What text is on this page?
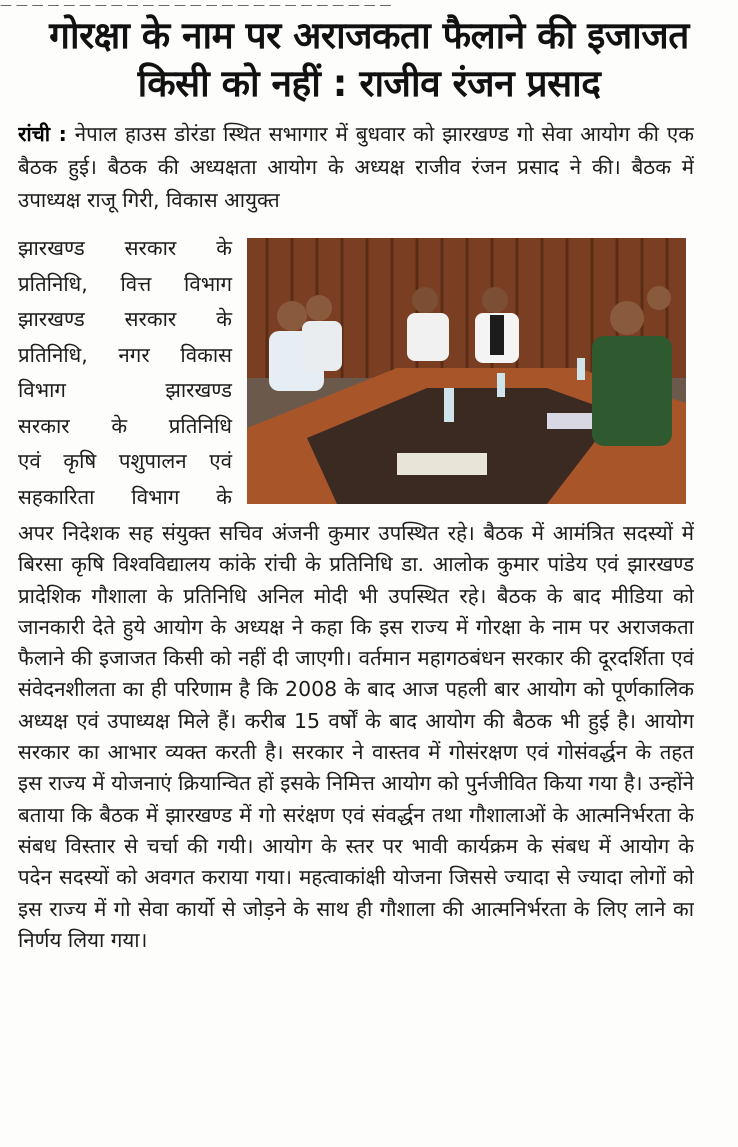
— — — — — — — — — — — — — — — — — — — — — — — — —
गोरक्षा के नाम पर अराजकता फैलाने की इजाजत किसी को नहीं : राजीव रंजन प्रसाद
रांची : नेपाल हाउस डोरंडा स्थित सभागार में बुधवार को झारखण्ड गो सेवा आयोग की एक बैठक हुई। बैठक की अध्यक्षता आयोग के अध्यक्ष राजीव रंजन प्रसाद ने की। बैठक में उपाध्यक्ष राजू गिरी, विकास आयुक्त
झारखण्ड सरकार के
प्रतिनिधि, वित्त विभाग
झारखण्ड सरकार के
प्रतिनिधि, नगर विकास
विभाग झारखण्ड
सरकार के प्रतिनिधि
एवं कृषि पशुपालन एवं
सहकारिता विभाग के
अपर निदेशक सह संयुक्त सचिव अंजनी कुमार उपस्थित रहे। बैठक में आमंत्रित सदस्यों में बिरसा कृषि विश्वविद्यालय कांके रांची के प्रतिनिधि डा. आलोक कुमार पांडेय एवं झारखण्ड प्रादेशिक गौशाला के प्रतिनिधि अनिल मोदी भी उपस्थित रहे। बैठक के बाद मीडिया को जानकारी देते हुये आयोग के अध्यक्ष ने कहा कि इस राज्य में गोरक्षा के नाम पर अराजकता फैलाने की इजाजत किसी को नहीं दी जाएगी। वर्तमान महागठबंधन सरकार की दूरदर्शिता एवं संवेदनशीलता का ही परिणाम है कि 2008 के बाद आज पहली बार आयोग को पूर्णकालिक अध्यक्ष एवं उपाध्यक्ष मिले हैं। करीब 15 वर्षों के बाद आयोग की बैठक भी हुई है। आयोग सरकार का आभार व्यक्त करती है। सरकार ने वास्तव में गोसंरक्षण एवं गोसंवर्द्धन के तहत इस राज्य में योजनाएं क्रियान्वित हों इसके निमित्त आयोग को पुर्नजीवित किया गया है। उन्होंने बताया कि बैठक में झारखण्ड में गो सरंक्षण एवं संवर्द्धन तथा गौशालाओं के आत्मनिर्भरता के संबध विस्तार से चर्चा की गयी। आयोग के स्तर पर भावी कार्यक्रम के संबध में आयोग के पदेन सदस्यों को अवगत कराया गया। महत्वाकांक्षी योजना जिससे ज्यादा से ज्यादा लोगों को इस राज्य में गो सेवा कार्यो से जोड़ने के साथ ही गौशाला की आत्मनिर्भरता के लिए लाने का निर्णय लिया गया।
